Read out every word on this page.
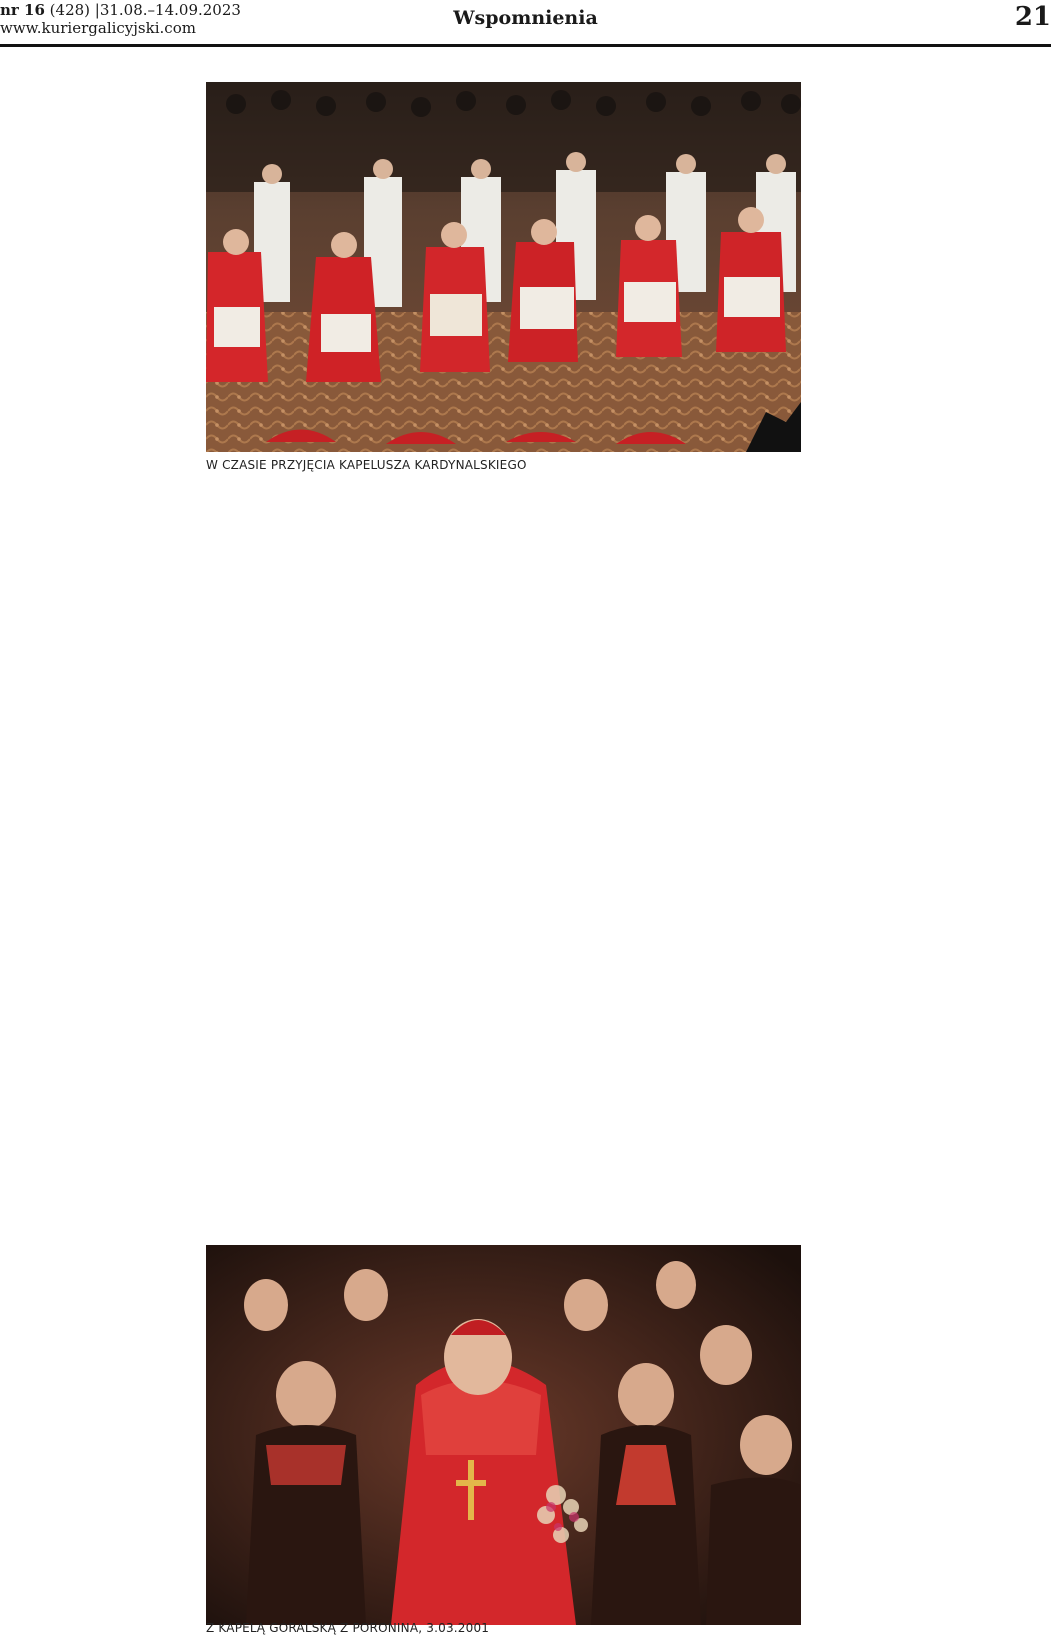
nr 16 (428) |31.08.–14.09.2023
www.kuriergalicyjski.com	Wspomnienia	21
W CZASIE PRZYJĘCIA KAPELUSZA KARDYNALSKIEGO
Z KAPELĄ GÓRALSKĄ Z PORONINA, 3.03.2001
